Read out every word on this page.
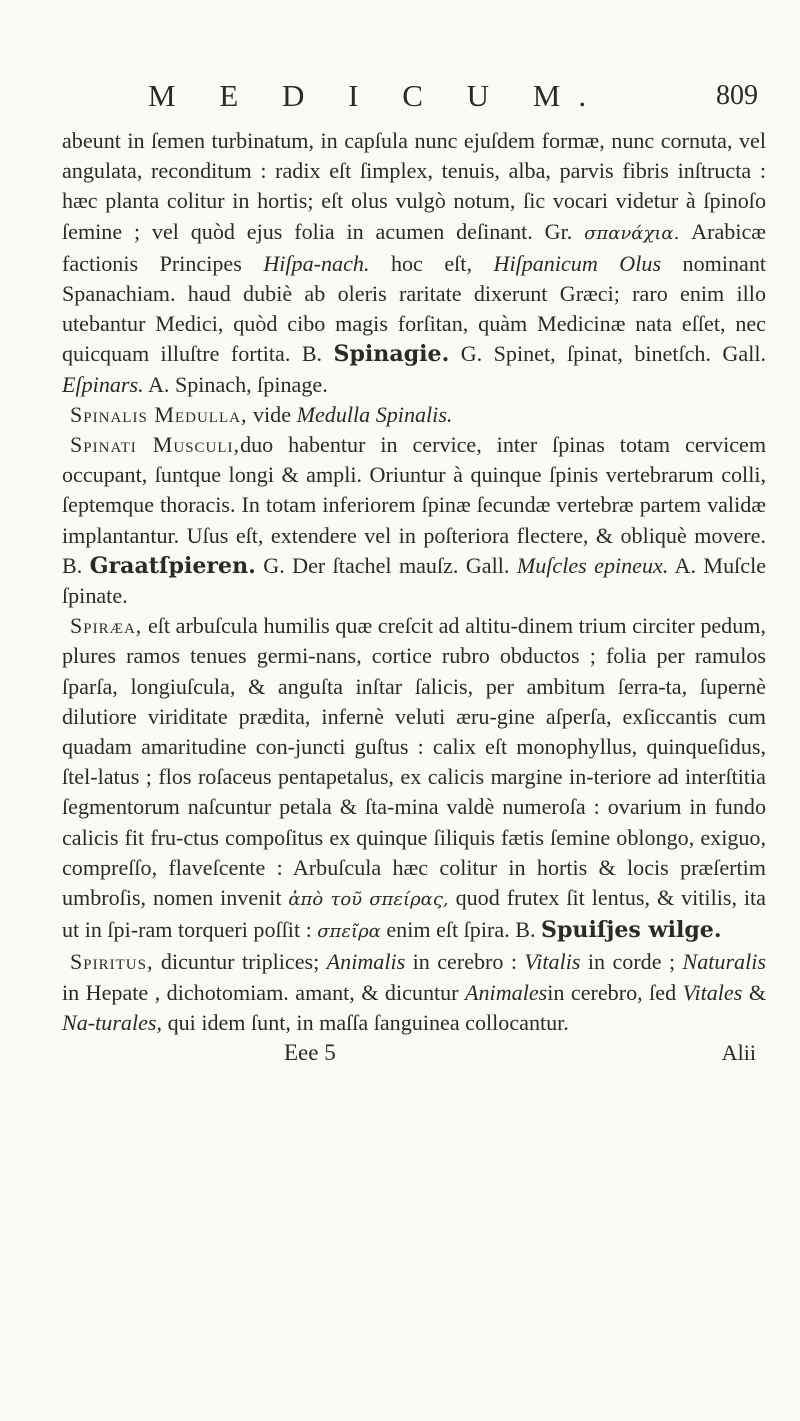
M E D I C U M.	809

abeunt in ſemen turbinatum, in capſula nunc ejuſdem formæ, nunc cornuta, vel angulata, reconditum : radix eſt ſimplex, tenuis, alba, parvis fibris inſtructa : hæc planta colitur in hortis; eſt olus vulgò notum, ſic vocari videtur à ſpinoſo ſemine ; vel quòd ejus folia in acumen deſinant. Gr. σπανάχια. Arabicæ factionis Principes Hiſpa-nach. hoc eſt, Hiſpanicum Olus nominant Spanachiam. haud dubiè ab oleris raritate dixerunt Græci; raro enim illo utebantur Medici, quòd cibo magis forſitan, quàm Medicinæ nata eſſet, nec quicquam illuſtre fortita. B. Spinagie. G. Spinet, ſpinat, binetſch. Gall. Eſpinars. A. Spinach, ſpinage.

Spinalis Medulla, vide Medulla Spinalis.

Spinati Musculi,duo habentur in cervice, inter ſpinas totam cervicem occupant, ſuntque longi & ampli. Oriuntur à quinque ſpinis vertebrarum colli, ſeptemque thoracis. In totam inferiorem ſpinæ ſecundæ vertebræ partem validæ implantantur. Uſus eſt, extendere vel in poſteriora flectere, & obliquè movere. B. Graatſpieren. G. Der ſtachel mauſz. Gall. Muſcles epineux. A. Muſcle ſpinate.

Spiræa, eſt arbuſcula humilis quæ creſcit ad altitu-dinem trium circiter pedum, plures ramos tenues germi-nans, cortice rubro obductos ; folia per ramulos ſparſa, longiuſcula, & anguſta inſtar ſalicis, per ambitum ſerra-ta, ſupernè dilutiore viriditate prædita, infernè veluti æru-gine aſperſa, exſiccantis cum quadam amaritudine con-juncti guſtus : calix eſt monophyllus, quinqueſidus, ſtel-latus ; flos roſaceus pentapetalus, ex calicis margine in-teriore ad interſtitia ſegmentorum naſcuntur petala & ſta-mina valdè numeroſa : ovarium in fundo calicis fit fru-ctus compoſitus ex quinque ſiliquis fætis ſemine oblongo, exiguo, compreſſo, flaveſcente : Arbuſcula hæc colitur in hortis & locis præſertim umbroſis, nomen invenit ἀπὸ τοῦ σπείρας, quod frutex ſit lentus, & vitilis, ita ut in ſpi-ram torqueri poſſit : σπεῖρα enim eſt ſpira. B. Spuiſjes wilge.

Spiritus, dicuntur triplices; Animalis in cerebro : Vitalis in corde ; Naturalis in Hepate , dichotomiam. amant, & dicuntur Animalesin cerebro, ſed Vitales & Na-turales, qui idem ſunt, in maſſa ſanguinea collocantur.

Eee 5	Alii
